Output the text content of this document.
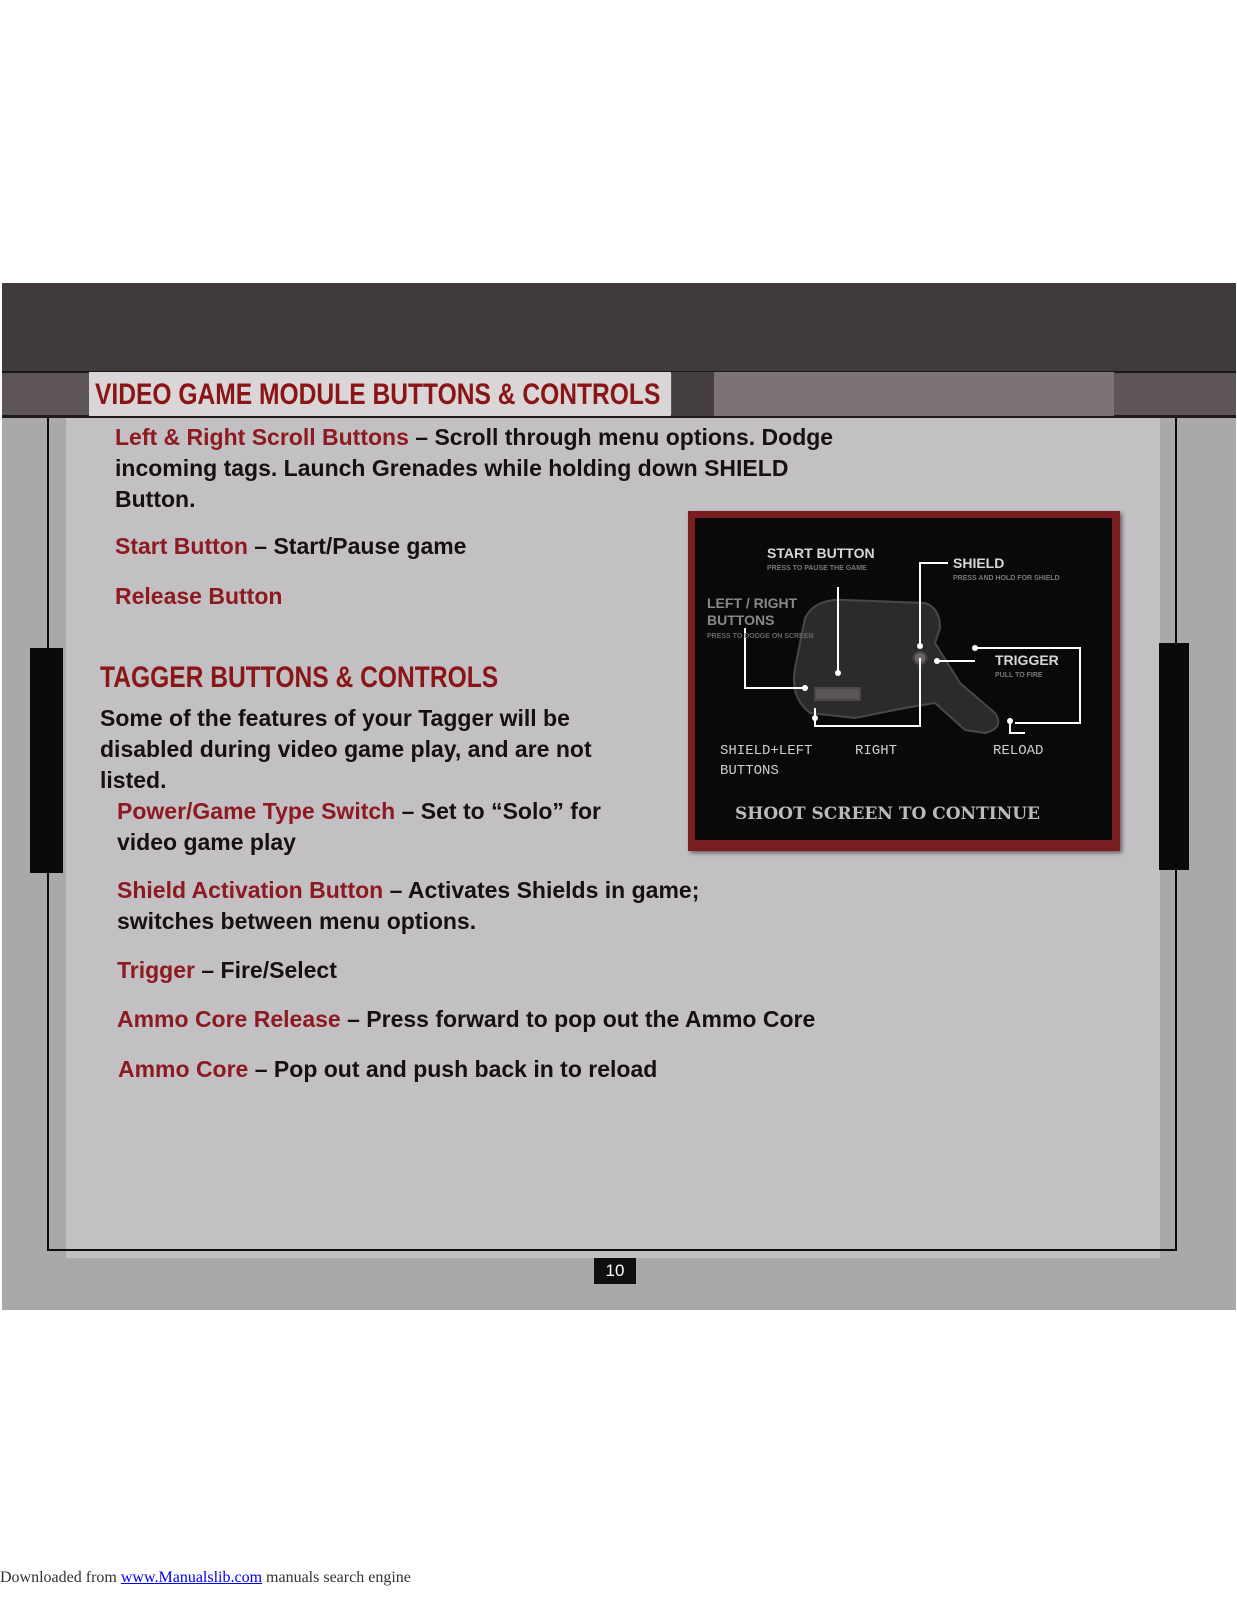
VIDEO GAME MODULE BUTTONS & CONTROLS

Left & Right Scroll Buttons – Scroll through menu options. Dodge incoming tags. Launch Grenades while holding down SHIELD Button.

Start Button – Start/Pause game

Release Button

TAGGER BUTTONS & CONTROLS

Some of the features of your Tagger will be disabled during video game play, and are not listed.

Power/Game Type Switch – Set to “Solo” for video game play

Shield Activation Button – Activates Shields in game; switches between menu options.

Trigger – Fire/Select

Ammo Core Release – Press forward to pop out the Ammo Core

Ammo Core – Pop out and push back in to reload

START BUTTON
PRESS TO PAUSE THE GAME	SHIELD
PRESS AND HOLD FOR SHIELD
LEFT / RIGHT
BUTTONS
PRESS TO DODGE ON SCREEN
TRIGGER
PULL TO FIRE
SHIELD+LEFT
BUTTONS
RIGHT	RELOAD
SHOOT SCREEN TO CONTINUE
10
Downloaded from www.Manualslib.com manuals search engine
